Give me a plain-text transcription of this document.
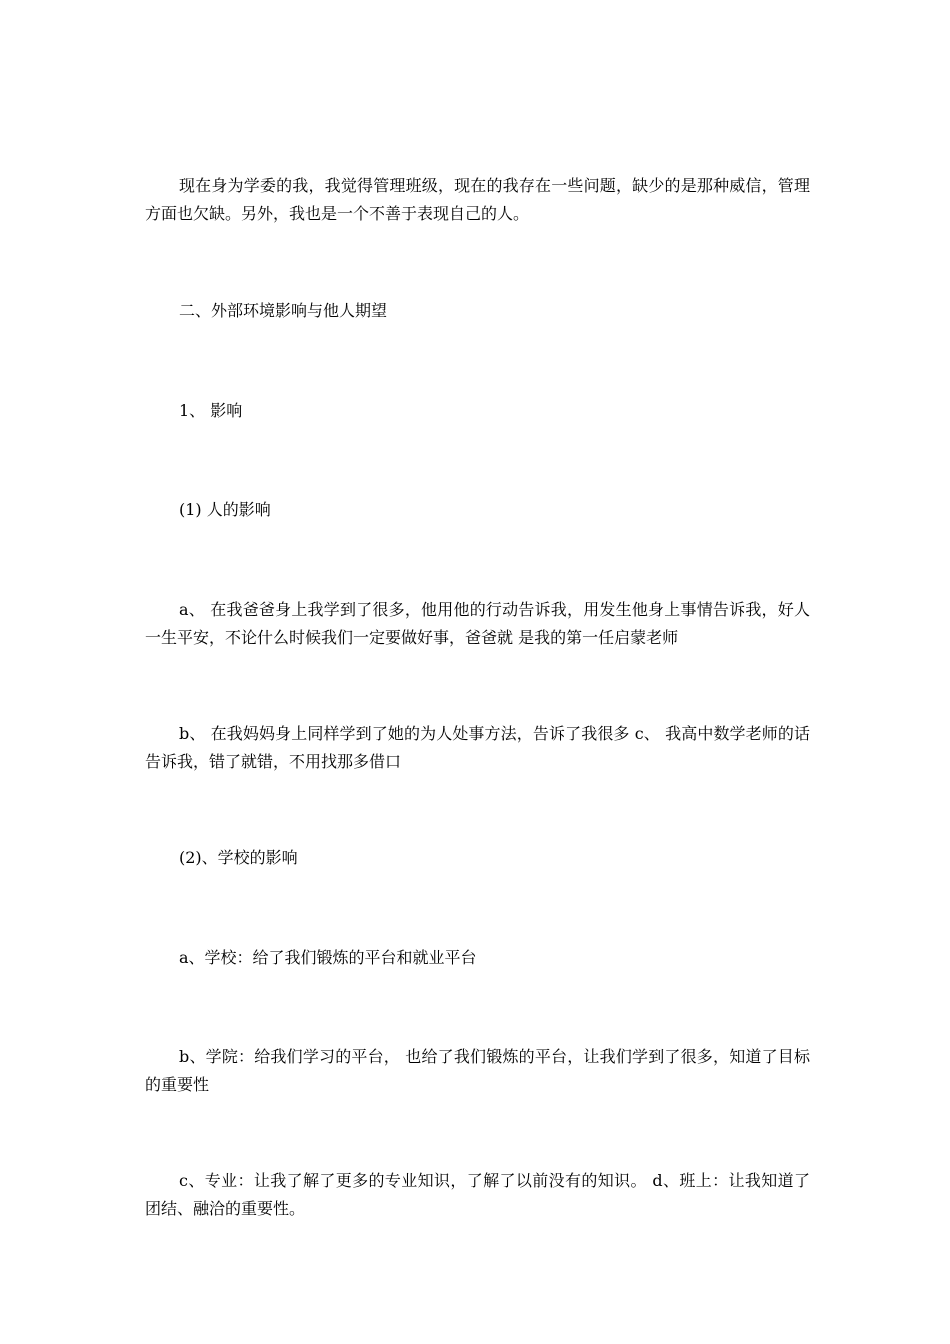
现在身为学委的我，我觉得管理班级，现在的我存在一些问题，缺少的是那种威信，管理方面也欠缺。另外，我也是一个不善于表现自己的人。

二、外部环境影响与他人期望

1、 影响

(1) 人的影响

a、 在我爸爸身上我学到了很多，他用他的行动告诉我，用发生他身上事情告诉我，好人一生平安，不论什么时候我们一定要做好事，爸爸就 是我的第一任启蒙老师

b、 在我妈妈身上同样学到了她的为人处事方法，告诉了我很多 c、 我高中数学老师的话告诉我，错了就错，不用找那多借口

(2)、学校的影响

a、学校：给了我们锻炼的平台和就业平台

b、学院：给我们学习的平台， 也给了我们锻炼的平台，让我们学到了很多，知道了目标的重要性

c、专业：让我了解了更多的专业知识，了解了以前没有的知识。 d、班上：让我知道了团结、融洽的重要性。
